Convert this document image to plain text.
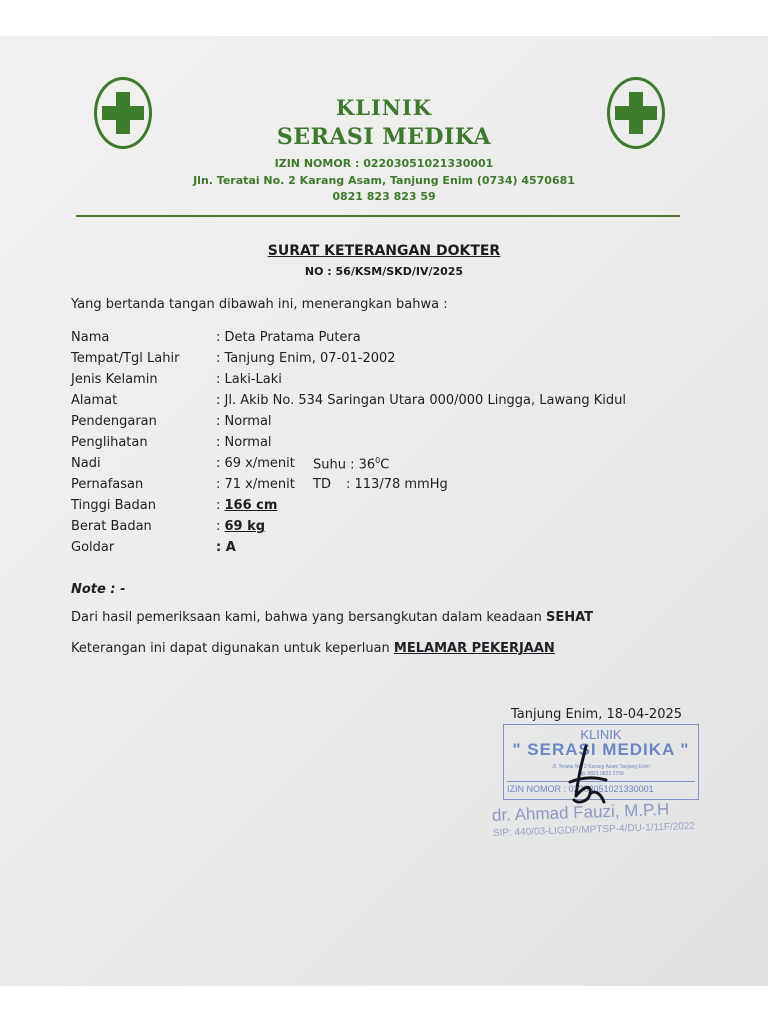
KLINIK
SERASI MEDIKA
IZIN NOMOR : 02203051021330001
Jln. Teratai No. 2 Karang Asam, Tanjung Enim (0734) 4570681
0821 823 823 59
SURAT KETERANGAN DOKTER
NO : 56/KSM/SKD/IV/2025
Yang bertanda tangan dibawah ini, menerangkan bahwa :
Nama	: Deta Pratama Putera
Tempat/Tgl Lahir	: Tanjung Enim, 07-01-2002
Jenis Kelamin	: Laki-Laki
Alamat	: Jl. Akib No. 534 Saringan Utara 000/000 Lingga, Lawang Kidul
Pendengaran	: Normal
Penglihatan	: Normal
Nadi	: 69 x/menit Suhu : $36^0C$
Pernafasan	: 71 x/menit TD : 113/78 mmHg
Tinggi Badan	: 166 cm
Berat Badan	: 69 kg
Goldar	: A
Note : -
Dari hasil pemeriksaan kami, bahwa yang bersangkutan dalam keadaan SEHAT
Keterangan ini dapat digunakan untuk keperluan MELAMAR PEKERJAAN
Tanjung Enim, 18-04-2025
KLINIK
" SERASI MEDIKA "
Jl. Teratai No. 2 Karang Asam Tanjung Enim
Hp. 0821 0823 2759
IZIN NOMOR : 02203051021330001
dr. Ahmad Fauzi, M.P.H
SIP: 440/03-LIGDP/MPTSP-4/DU-1/11F/2022
